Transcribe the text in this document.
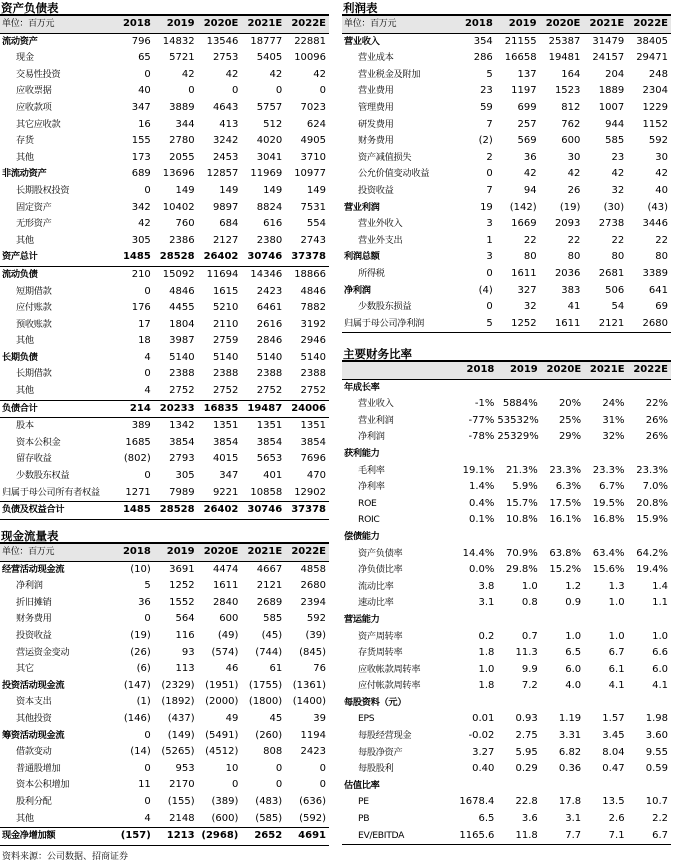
资产负债表
单位：百万元	2018	2019	2020E	2021E	2022E
流动资产	796	14832	13546	18777	22881
现金	65	5721	2753	5405	10096
交易性投资	0	42	42	42	42
应收票据	40	0	0	0	0
应收款项	347	3889	4643	5757	7023
其它应收款	16	344	413	512	624
存货	155	2780	3242	4020	4905
其他	173	2055	2453	3041	3710
非流动资产	689	13696	12857	11969	10977
长期股权投资	0	149	149	149	149
固定资产	342	10402	9897	8824	7531
无形资产	42	760	684	616	554
其他	305	2386	2127	2380	2743
资产总计	1485	28528	26402	30746	37378
流动负债	210	15092	11694	14346	18866
短期借款	0	4846	1615	2423	4846
应付账款	176	4455	5210	6461	7882
预收账款	17	1804	2110	2616	3192
其他	18	3987	2759	2846	2946
长期负债	4	5140	5140	5140	5140
长期借款	0	2388	2388	2388	2388
其他	4	2752	2752	2752	2752
负债合计	214	20233	16835	19487	24006
股本	389	1342	1351	1351	1351
资本公积金	1685	3854	3854	3854	3854
留存收益	(802)	2793	4015	5653	7696
少数股东权益	0	305	347	401	470
归属于母公司所有者权益	1271	7989	9221	10858	12902
负债及权益合计	1485	28528	26402	30746	37378
现金流量表
单位：百万元	2018	2019	2020E	2021E	2022E
经营活动现金流	(10)	3691	4474	4667	4858
净利润	5	1252	1611	2121	2680
折旧摊销	36	1552	2840	2689	2394
财务费用	0	564	600	585	592
投资收益	(19)	116	(49)	(45)	(39)
营运资金变动	(26)	93	(574)	(744)	(845)
其它	(6)	113	46	61	76
投资活动现金流	(147)	(2329)	(1951)	(1755)	(1361)
资本支出	(1)	(1892)	(2000)	(1800)	(1400)
其他投资	(146)	(437)	49	45	39
筹资活动现金流	0	(149)	(5491)	(260)	1194
借款变动	(14)	(5265)	(4512)	808	2423
普通股增加	0	953	10	0	0
资本公积增加	11	2170	0	0	0
股利分配	0	(155)	(389)	(483)	(636)
其他	4	2148	(600)	(585)	(592)
现金净增加额	(157)	1213	(2968)	2652	4691
利润表
单位：百万元	2018	2019	2020E	2021E	2022E
营业收入	354	21155	25387	31479	38405
营业成本	286	16658	19481	24157	29471
营业税金及附加	5	137	164	204	248
营业费用	23	1197	1523	1889	2304
管理费用	59	699	812	1007	1229
研发费用	7	257	762	944	1152
财务费用	(2)	569	600	585	592
资产减值损失	2	36	30	23	30
公允价值变动收益	0	42	42	42	42
投资收益	7	94	26	32	40
营业利润	19	(142)	(19)	(30)	(43)
营业外收入	3	1669	2093	2738	3446
营业外支出	1	22	22	22	22
利润总额	3	80	80	80	80
所得税	0	1611	2036	2681	3389
净利润	(4)	327	383	506	641
少数股东损益	0	32	41	54	69
归属于母公司净利润	5	1252	1611	2121	2680
主要财务比率
	2018	2019	2020E	2021E	2022E
年成长率					
营业收入	-1%	5884%	20%	24%	22%
营业利润	-77%	53532%	25%	31%	26%
净利润	-78%	25329%	29%	32%	26%
获利能力					
毛利率	19.1%	21.3%	23.3%	23.3%	23.3%
净利率	1.4%	5.9%	6.3%	6.7%	7.0%
ROE	0.4%	15.7%	17.5%	19.5%	20.8%
ROIC	0.1%	10.8%	16.1%	16.8%	15.9%
偿债能力					
资产负债率	14.4%	70.9%	63.8%	63.4%	64.2%
净负债比率	0.0%	29.8%	15.2%	15.6%	19.4%
流动比率	3.8	1.0	1.2	1.3	1.4
速动比率	3.1	0.8	0.9	1.0	1.1
营运能力					
资产周转率	0.2	0.7	1.0	1.0	1.0
存货周转率	1.8	11.3	6.5	6.7	6.6
应收帐款周转率	1.0	9.9	6.0	6.1	6.0
应付帐款周转率	1.8	7.2	4.0	4.1	4.1
每股资料（元）					
EPS	0.01	0.93	1.19	1.57	1.98
每股经营现金	-0.02	2.75	3.31	3.45	3.60
每股净资产	3.27	5.95	6.82	8.04	9.55
每股股利	0.40	0.29	0.36	0.47	0.59
估值比率					
PE	1678.4	22.8	17.8	13.5	10.7
PB	6.5	3.6	3.1	2.6	2.2
EV/EBITDA	1165.6	11.8	7.7	7.1	6.7
资料来源：公司数据、招商证券
